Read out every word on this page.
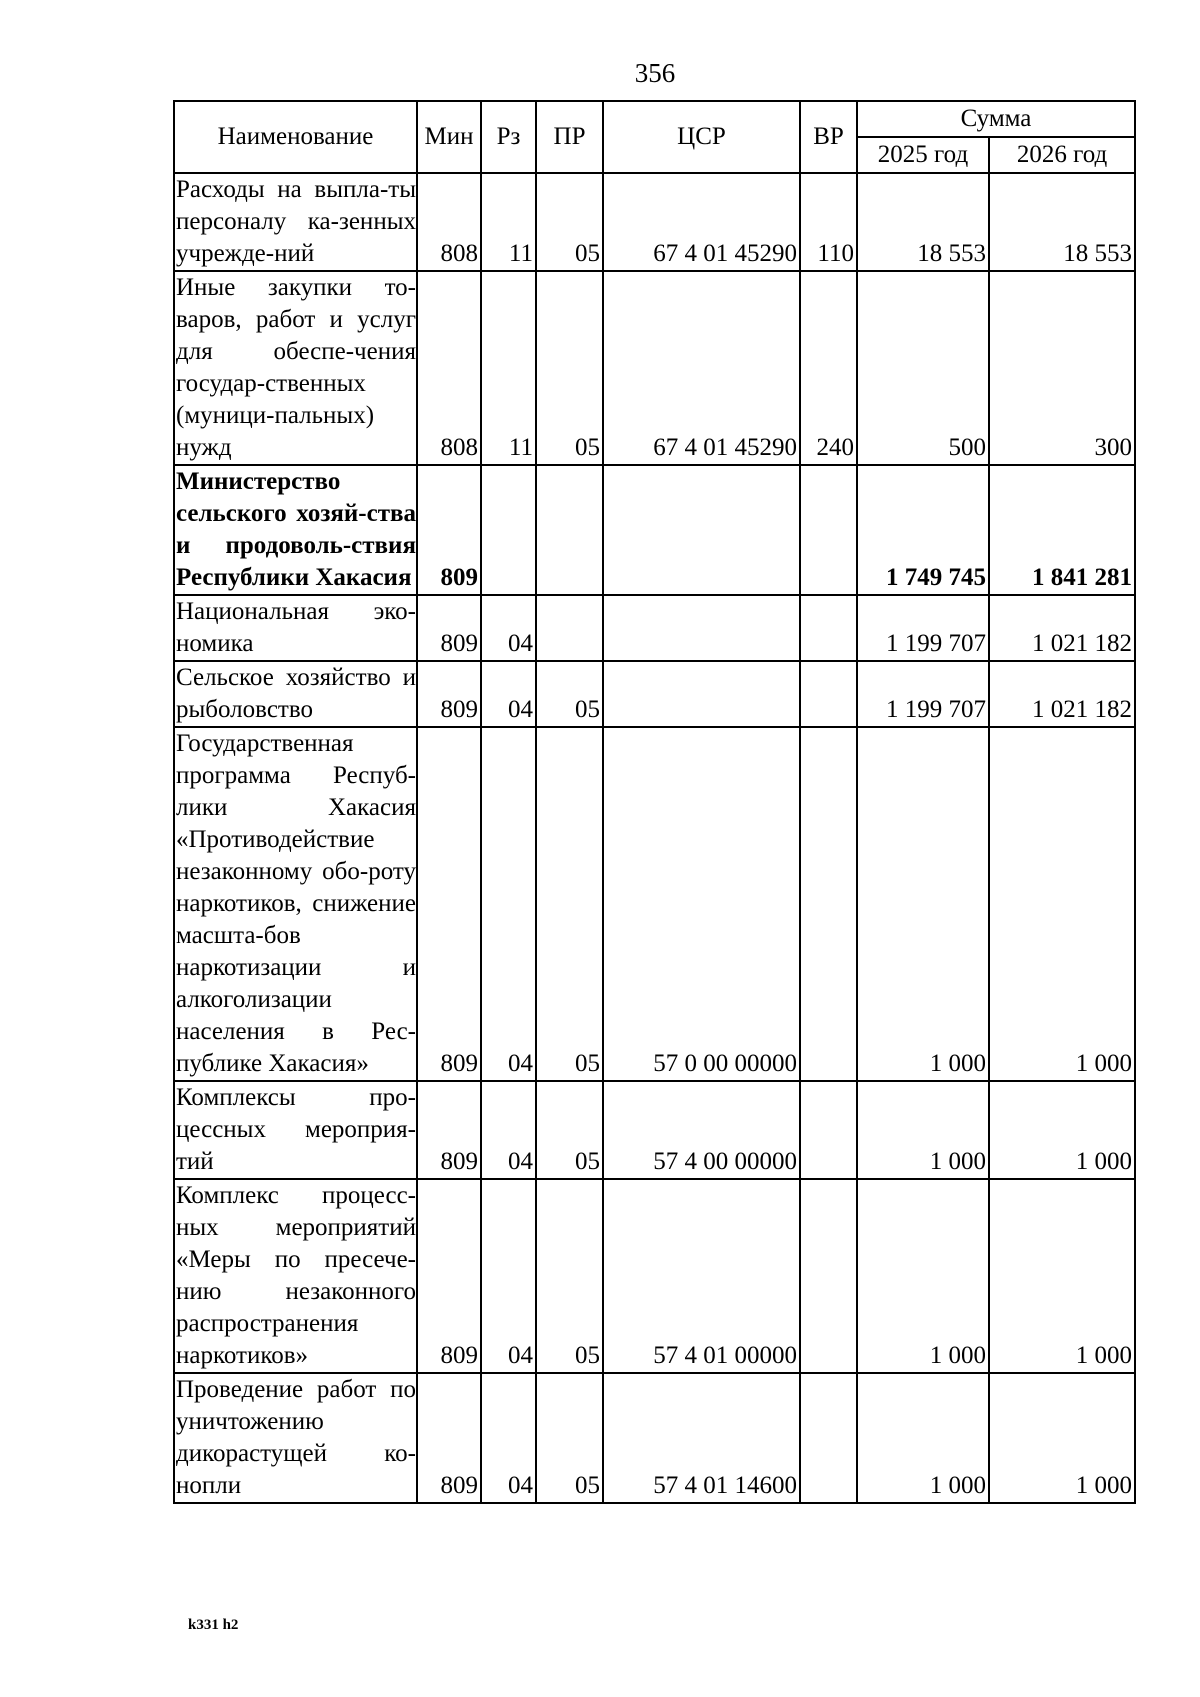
356
Наименование	Мин	Рз	ПР	ЦСР	ВР	Сумма	
						2025 год	2026 год
Расходы на выпла-ты персоналу ка-зенных учрежде-ний	808	11	05	67 4 01 45290	110	18 553	18 553
Иные закупки то-варов, работ и услуг для обеспе-чения государ-ственных (муници-пальных) нужд	808	11	05	67 4 01 45290	240	500	300
Министерство сельского хозяй-ства и продоволь-ствия Республики Хакасия	809					1 749 745	1 841 281
Национальная эко-номика	809	04				1 199 707	1 021 182
Сельское хозяйство и рыболовство	809	04	05			1 199 707	1 021 182
Государственная программа Респуб-лики Хакасия «Противодействие незаконному обо-роту наркотиков, снижение масшта-бов наркотизации и алкоголизации населения в Рес-публике Хакасия»	809	04	05	57 0 00 00000		1 000	1 000
Комплексы про-цессных мероприя-тий	809	04	05	57 4 00 00000		1 000	1 000
Комплекс процесс-ных мероприятий «Меры по пресече-нию незаконного распространения наркотиков»	809	04	05	57 4 01 00000		1 000	1 000
Проведение работ по уничтожению дикорастущей ко-нопли	809	04	05	57 4 01 14600		1 000	1 000
k331 h2
